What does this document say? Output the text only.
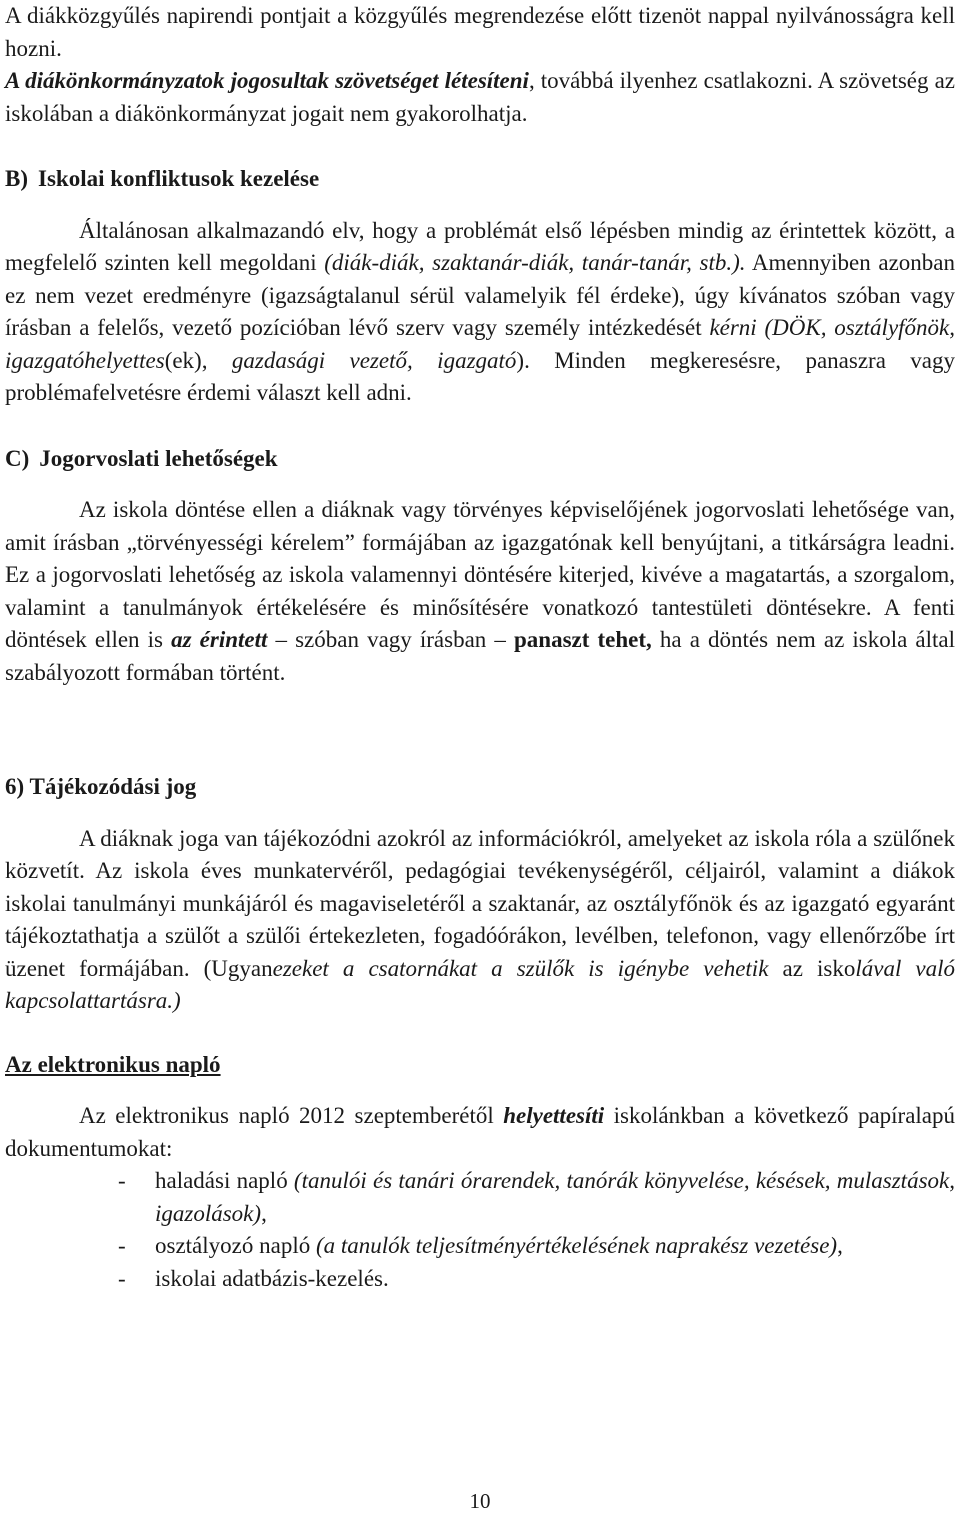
A diákközgyűlés napirendi pontjait a közgyűlés megrendezése előtt tizenöt nappal nyilvánosságra kell hozni.

A diákönkormányzatok jogosultak szövetséget létesíteni, továbbá ilyenhez csatlakozni. A szövetség az iskolában a diákönkormányzat jogait nem gyakorolhatja.

B) Iskolai konfliktusok kezelése

Általánosan alkalmazandó elv, hogy a problémát első lépésben mindig az érintettek között, a megfelelő szinten kell megoldani (diák-diák, szaktanár-diák, tanár-tanár, stb.). Amennyiben azonban ez nem vezet eredményre (igazságtalanul sérül valamelyik fél érdeke), úgy kívánatos szóban vagy írásban a felelős, vezető pozícióban lévő szerv vagy személy intézkedését kérni (DÖK, osztályfőnök, igazgatóhelyettes(ek), gazdasági vezető, igazgató). Minden megkeresésre, panaszra vagy problémafelvetésre érdemi választ kell adni.

C) Jogorvoslati lehetőségek

Az iskola döntése ellen a diáknak vagy törvényes képviselőjének jogorvoslati lehetősége van, amit írásban „törvényességi kérelem” formájában az igazgatónak kell benyújtani, a titkárságra leadni. Ez a jogorvoslati lehetőség az iskola valamennyi döntésére kiterjed, kivéve a magatartás, a szorgalom, valamint a tanulmányok értékelésére és minősítésére vonatkozó tantestületi döntésekre. A fenti döntések ellen is az érintett – szóban vagy írásban – panaszt tehet, ha a döntés nem az iskola által szabályozott formában történt.

6) Tájékozódási jog

A diáknak joga van tájékozódni azokról az információkról, amelyeket az iskola róla a szülőnek közvetít. Az iskola éves munkatervéről, pedagógiai tevékenységéről, céljairól, valamint a diákok iskolai tanulmányi munkájáról és magaviseletéről a szaktanár, az osztályfőnök és az igazgató egyaránt tájékoztathatja a szülőt a szülői értekezleten, fogadóórákon, levélben, telefonon, vagy ellenőrzőbe írt üzenet formájában. (Ugyanezeket a csatornákat a szülők is igénybe vehetik az iskolával való kapcsolattartásra.)

Az elektronikus napló

Az elektronikus napló 2012 szeptemberétől helyettesíti iskolánkban a következő papíralapú dokumentumokat:

- haladási napló (tanulói és tanári órarendek, tanórák könyvelése, késések, mulasztások, igazolások),
- osztályozó napló (a tanulók teljesítményértékelésének naprakész vezetése),
- iskolai adatbázis-kezelés.
10
